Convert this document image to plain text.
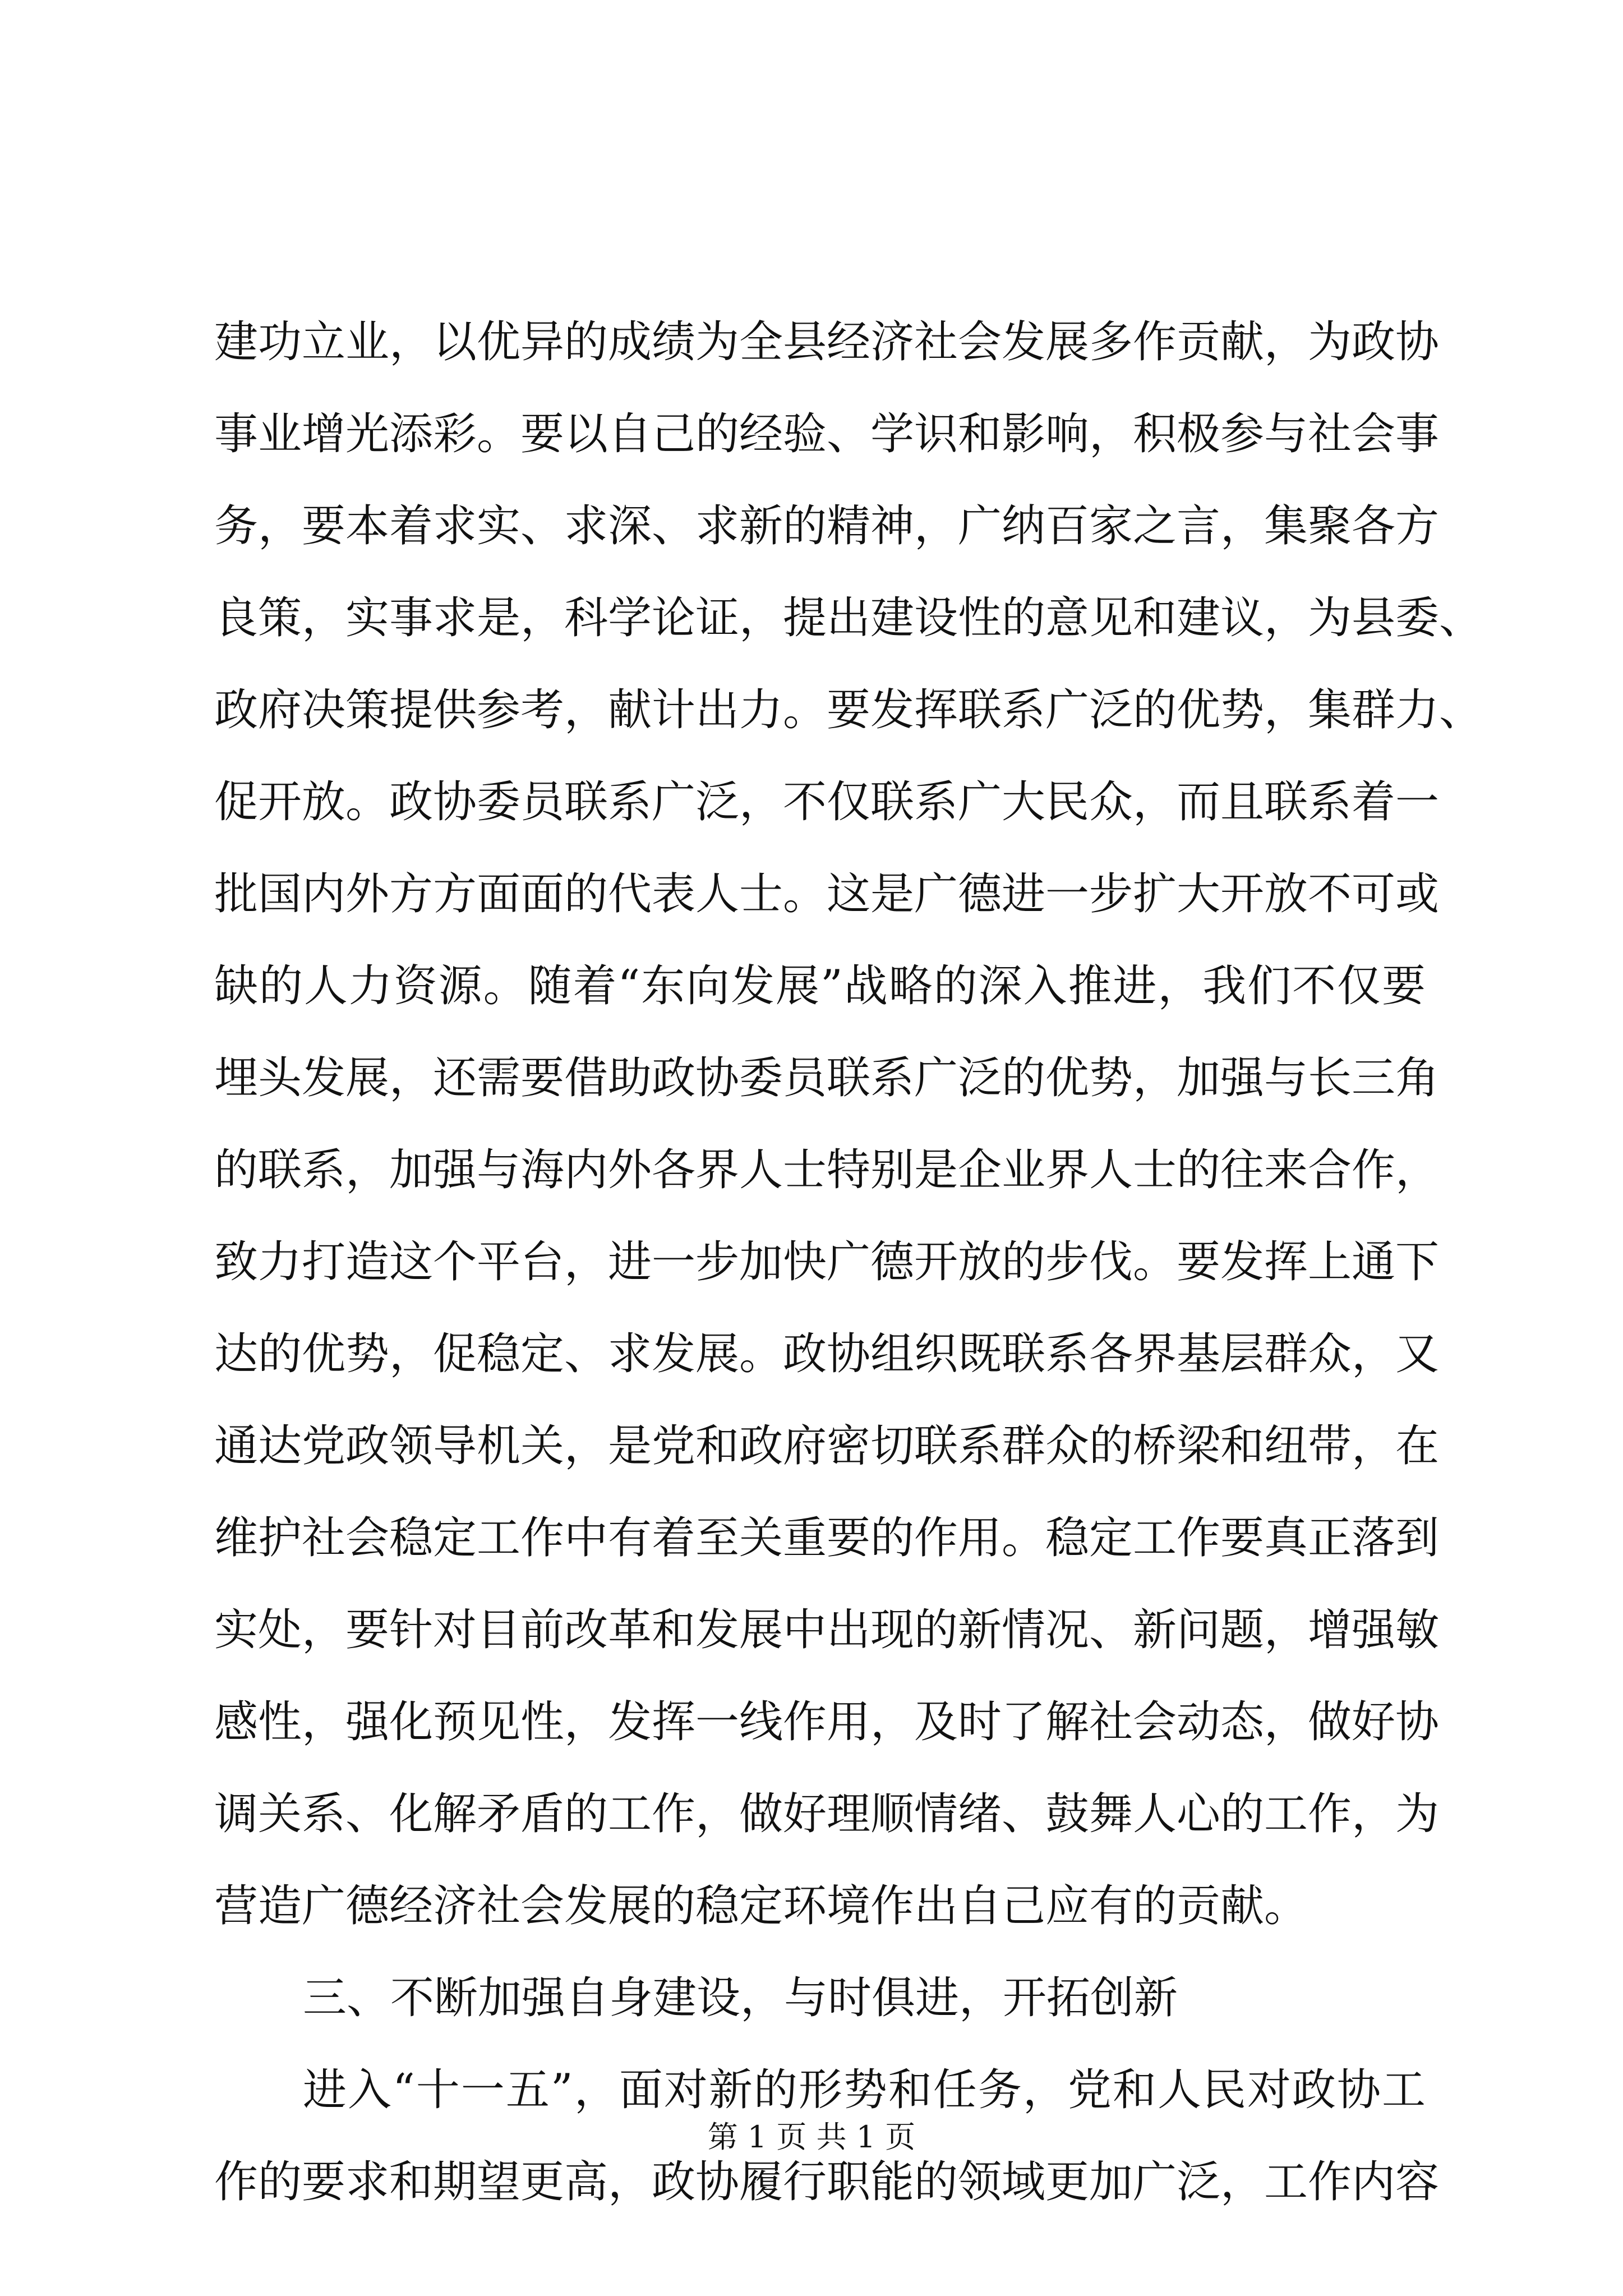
建功立业，以优异的成绩为全县经济社会发展多作贡献，为政协
事业增光添彩。要以自己的经验、学识和影响，积极参与社会事
务，要本着求实、求深、求新的精神，广纳百家之言，集聚各方
良策，实事求是，科学论证，提出建设性的意见和建议，为县委、
政府决策提供参考，献计出力。要发挥联系广泛的优势，集群力、
促开放。政协委员联系广泛，不仅联系广大民众，而且联系着一
批国内外方方面面的代表人士。这是广德进一步扩大开放不可或
缺的人力资源。随着“东向发展”战略的深入推进，我们不仅要
埋头发展，还需要借助政协委员联系广泛的优势，加强与长三角
的联系，加强与海内外各界人士特别是企业界人士的往来合作，
致力打造这个平台，进一步加快广德开放的步伐。要发挥上通下
达的优势，促稳定、求发展。政协组织既联系各界基层群众，又
通达党政领导机关，是党和政府密切联系群众的桥梁和纽带，在
维护社会稳定工作中有着至关重要的作用。稳定工作要真正落到
实处，要针对目前改革和发展中出现的新情况、新问题，增强敏
感性，强化预见性，发挥一线作用，及时了解社会动态，做好协
调关系、化解矛盾的工作，做好理顺情绪、鼓舞人心的工作，为
营造广德经济社会发展的稳定环境作出自己应有的贡献。
三、不断加强自身建设，与时俱进，开拓创新
进入“十一五”，面对新的形势和任务，党和人民对政协工
作的要求和期望更高，政协履行职能的领域更加广泛，工作内容
第 1 页 共 1 页
